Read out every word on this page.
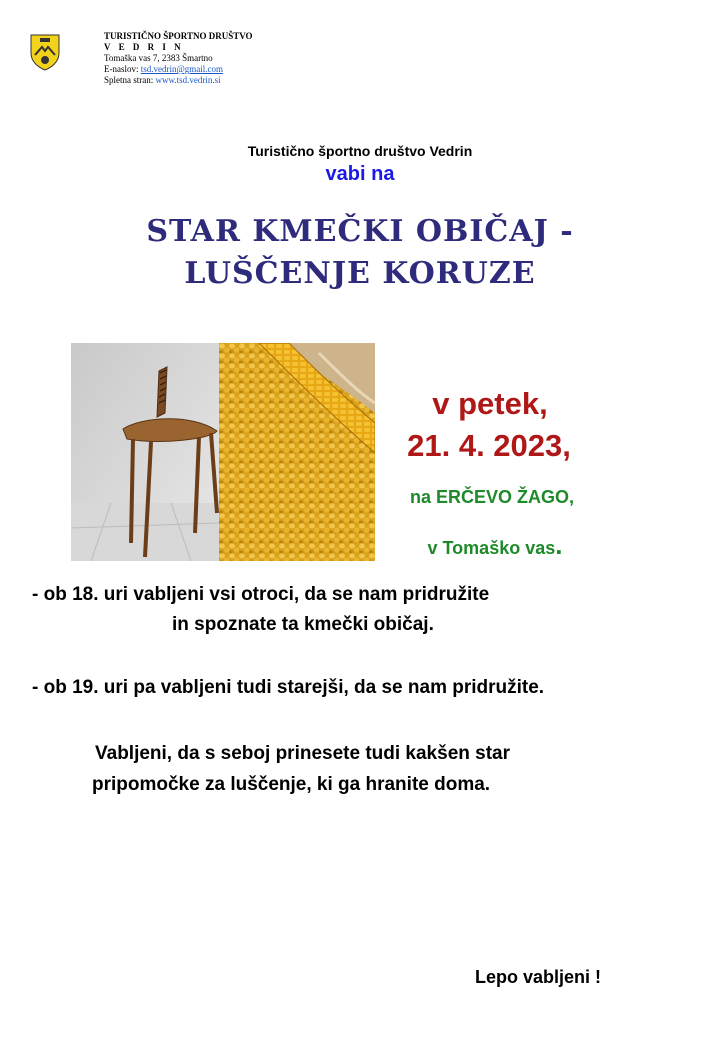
TURISTIČNO ŠPORTNO DRUŠTVO
V E D R I N
Tomaška vas 7, 2383 Šmartno
E-naslov: tsd.vedrin@gmail.com
Spletna stran: www.tsd.vedrin.si
Turistično športno društvo Vedrin
vabi na
STAR KMEČKI OBIČAJ -
LUŠČENJE KORUZE
v petek,
21. 4. 2023,
na ERČEVO ŽAGO,
v Tomaško vas.
- ob 18. uri vabljeni vsi otroci, da se nam pridružite
in spoznate ta kmečki običaj.
- ob 19. uri pa vabljeni tudi starejši, da se nam pridružite.
Vabljeni, da s seboj prinesete tudi kakšen star
pripomočke za luščenje, ki ga hranite doma.
Lepo vabljeni !
